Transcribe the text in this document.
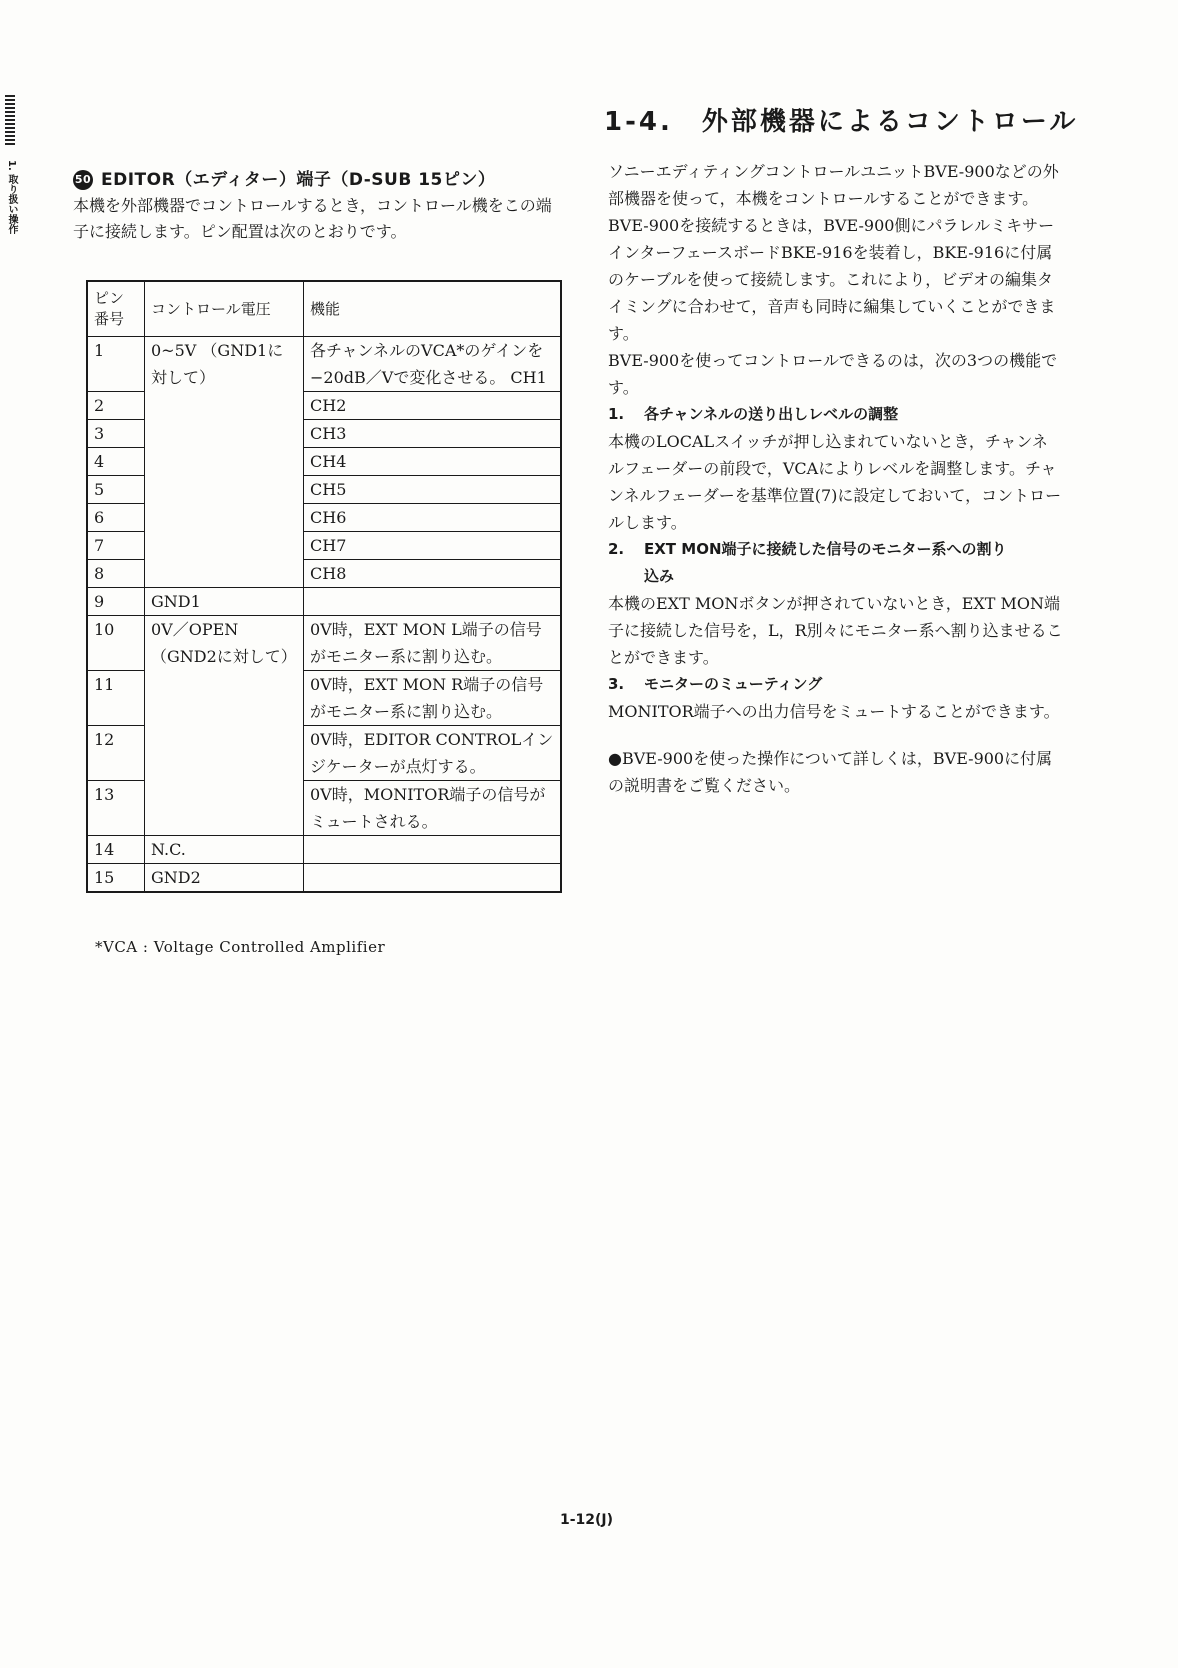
1. 取り扱い操作	50 EDITOR（エディター）端子（D-SUB 15ピン）
本機を外部機器でコントロールするとき，コントロール機をこの端子に接続します。ピン配置は次のとおりです。
ピン番号	コントロール電圧	機能
1	0~5V （GND1に対して）	各チャンネルのVCA*のゲインを−20dB／Vで変化させる。 CH1
2		CH2
3		CH3
4		CH4
5		CH5
6		CH6
7		CH7
8		CH8
9	GND1	
10	0V／OPEN （GND2に対して）	0V時，EXT MON L端子の信号がモニター系に割り込む。
11		0V時，EXT MON R端子の信号がモニター系に割り込む。
12		0V時，EDITOR CONTROLインジケーターが点灯する。
13		0V時，MONITOR端子の信号がミュートされる。
14	N.C.	
15	GND2	
*VCA : Voltage Controlled Amplifier
1-4.　外部機器によるコントロール

ソニーエディティングコントロールユニットBVE-900などの外部機器を使って，本機をコントロールすることができます。

BVE-900を接続するときは，BVE-900側にパラレルミキサーインターフェースボードBKE-916を装着し，BKE-916に付属のケーブルを使って接続します。これにより，ビデオの編集タイミングに合わせて，音声も同時に編集していくことができます。

BVE-900を使ってコントロールできるのは，次の3つの機能です。

1. 各チャンネルの送り出しレベルの調整

本機のLOCALスイッチが押し込まれていないとき，チャンネルフェーダーの前段で，VCAによりレベルを調整します。チャンネルフェーダーを基準位置(7)に設定しておいて，コントロールします。

2. EXT MON端子に接続した信号のモニター系への割り

込み

本機のEXT MONボタンが押されていないとき，EXT MON端子に接続した信号を，L，R別々にモニター系へ割り込ませることができます。

3. モニターのミューティング

MONITOR端子への出力信号をミュートすることができます。

●BVE-900を使った操作について詳しくは，BVE-900に付属の説明書をご覧ください。

1-12(J)
